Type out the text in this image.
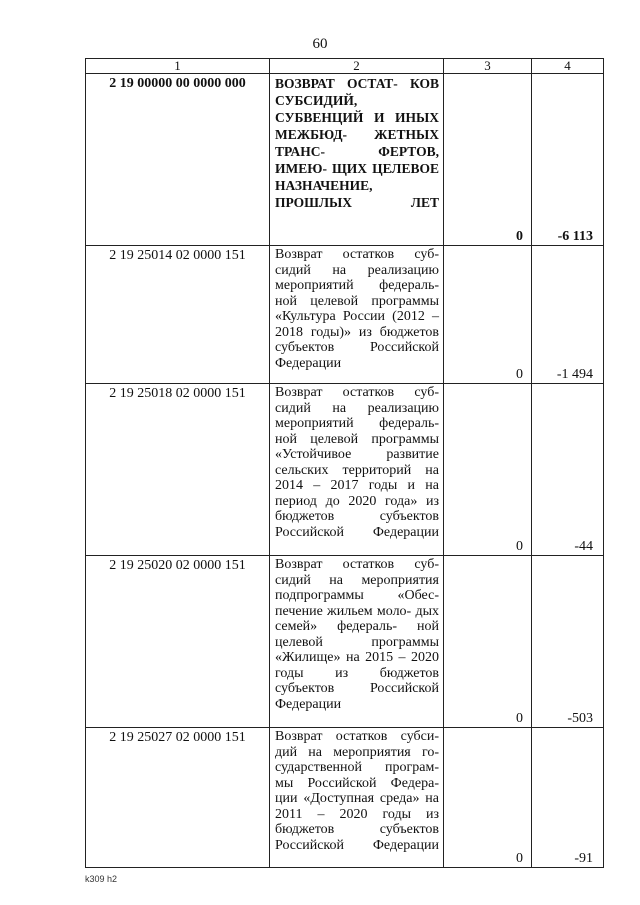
60
1	2	3	4
2 19 00000 00 0000 000	ВОЗВРАТ ОСТАТ- КОВ СУБСИДИЙ, СУБВЕНЦИЙ И ИНЫХ МЕЖБЮД- ЖЕТНЫХ ТРАНС- ФЕРТОВ, ИМЕЮ- ЩИХ ЦЕЛЕВОЕ НАЗНАЧЕНИЕ, ПРОШЛЫХ ЛЕТ	0	-6 113
2 19 25014 02 0000 151	Возврат остатков суб- сидий на реализацию мероприятий федераль- ной целевой программы «Культура России (2012 – 2018 годы)» из бюджетов субъектов Российской Федерации	0	-1 494
2 19 25018 02 0000 151	Возврат остатков суб- сидий на реализацию мероприятий федераль- ной целевой программы «Устойчивое развитие сельских территорий на 2014 – 2017 годы и на период до 2020 года» из бюджетов субъектов Российской Федерации	0	-44
2 19 25020 02 0000 151	Возврат остатков суб- сидий на мероприятия подпрограммы «Обес- печение жильем моло- дых семей» федераль- ной целевой программы «Жилище» на 2015 – 2020 годы из бюджетов субъектов Российской Федерации	0	-503
2 19 25027 02 0000 151	Возврат остатков субси- дий на мероприятия го- сударственной програм- мы Российской Федера- ции «Доступная среда» на 2011 – 2020 годы из бюджетов субъектов Российской Федерации	0	-91
k309 h2
